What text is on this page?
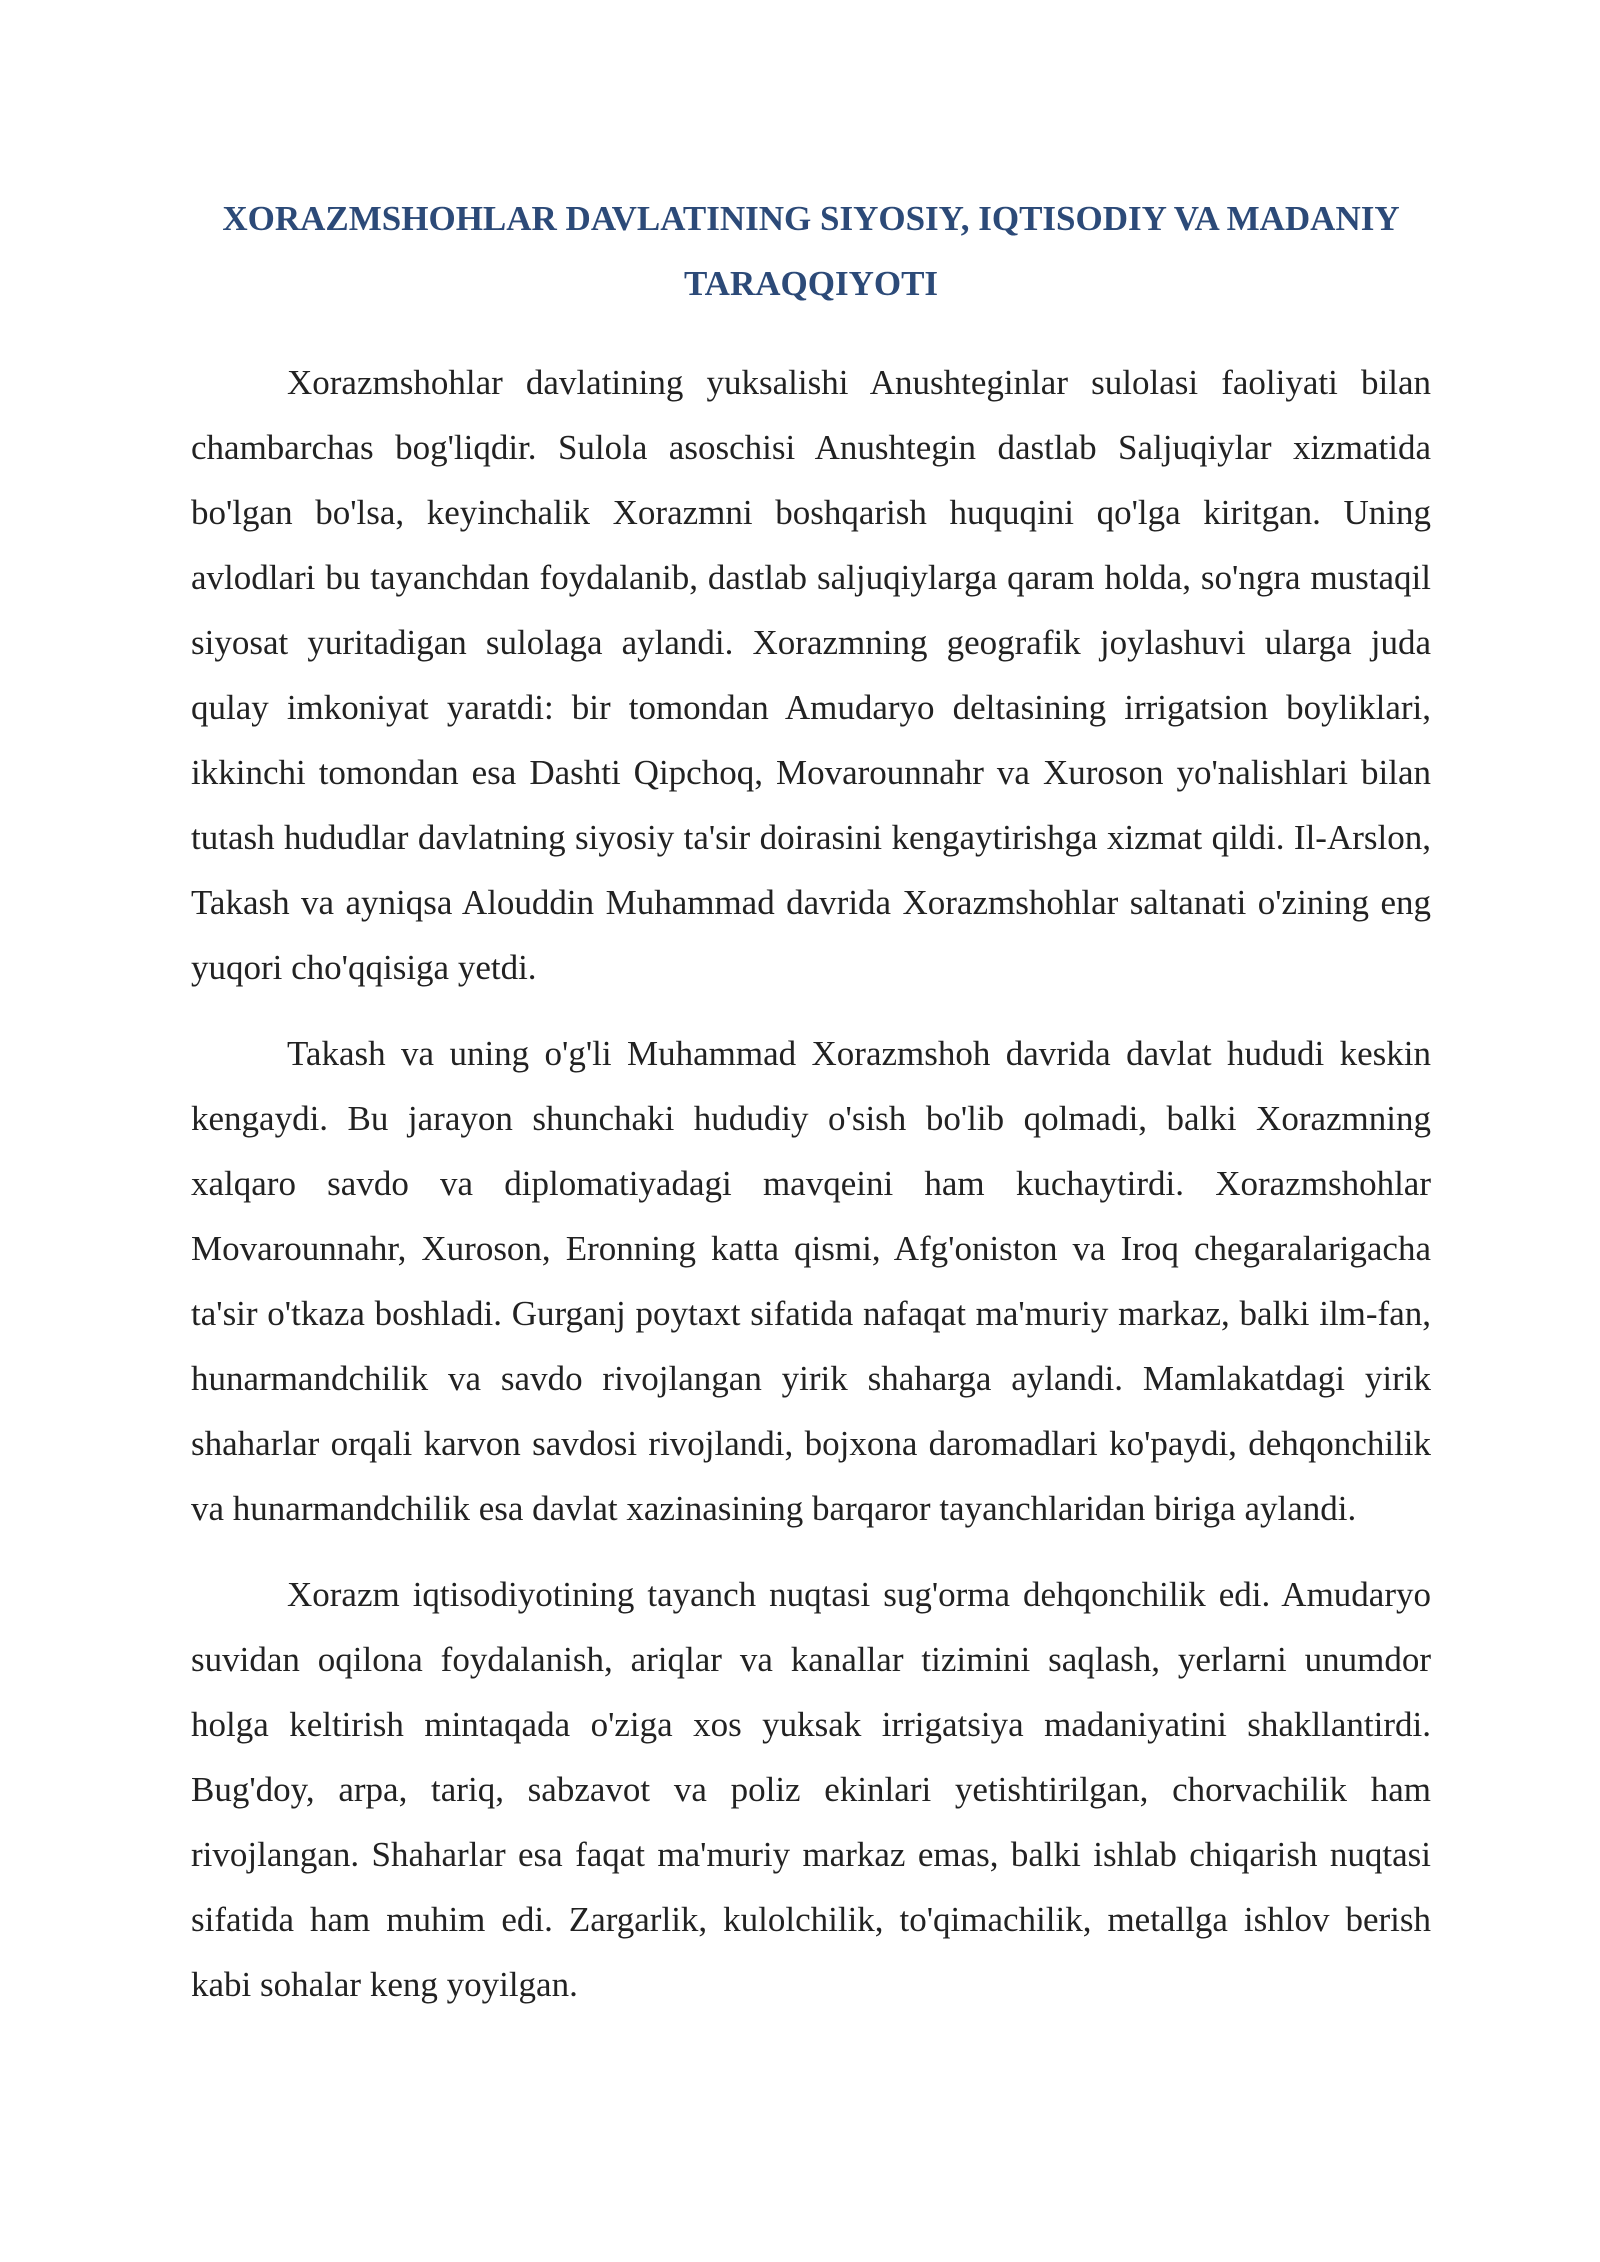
XORAZMSHOHLAR DAVLATINING SIYOSIY, IQTISODIY VA MADANIY TARAQQIYOTI

Xorazmshohlar davlatining yuksalishi Anushteginlar sulolasi faoliyati bilan chambarchas bog'liqdir. Sulola asoschisi Anushtegin dastlab Saljuqiylar xizmatida bo'lgan bo'lsa, keyinchalik Xorazmni boshqarish huquqini qo'lga kiritgan. Uning avlodlari bu tayanchdan foydalanib, dastlab saljuqiylarga qaram holda, so'ngra mustaqil siyosat yuritadigan sulolaga aylandi. Xorazmning geografik joylashuvi ularga juda qulay imkoniyat yaratdi: bir tomondan Amudaryo deltasining irrigatsion boyliklari, ikkinchi tomondan esa Dashti Qipchoq, Movarounnahr va Xuroson yo'nalishlari bilan tutash hududlar davlatning siyosiy ta'sir doirasini kengaytirishga xizmat qildi. Il-Arslon, Takash va ayniqsa Alouddin Muhammad davrida Xorazmshohlar saltanati o'zining eng yuqori cho'qqisiga yetdi.

Takash va uning o'g'li Muhammad Xorazmshoh davrida davlat hududi keskin kengaydi. Bu jarayon shunchaki hududiy o'sish bo'lib qolmadi, balki Xorazmning xalqaro savdo va diplomatiyadagi mavqeini ham kuchaytirdi. Xorazmshohlar Movarounnahr, Xuroson, Eronning katta qismi, Afg'oniston va Iroq chegaralarigacha ta'sir o'tkaza boshladi. Gurganj poytaxt sifatida nafaqat ma'muriy markaz, balki ilm-fan, hunarmandchilik va savdo rivojlangan yirik shaharga aylandi. Mamlakatdagi yirik shaharlar orqali karvon savdosi rivojlandi, bojxona daromadlari ko'paydi, dehqonchilik va hunarmandchilik esa davlat xazinasining barqaror tayanchlaridan biriga aylandi.

Xorazm iqtisodiyotining tayanch nuqtasi sug'orma dehqonchilik edi. Amudaryo suvidan oqilona foydalanish, ariqlar va kanallar tizimini saqlash, yerlarni unumdor holga keltirish mintaqada o'ziga xos yuksak irrigatsiya madaniyatini shakllantirdi. Bug'doy, arpa, tariq, sabzavot va poliz ekinlari yetishtirilgan, chorvachilik ham rivojlangan. Shaharlar esa faqat ma'muriy markaz emas, balki ishlab chiqarish nuqtasi sifatida ham muhim edi. Zargarlik, kulolchilik, to'qimachilik, metallga ishlov berish kabi sohalar keng yoyilgan.
